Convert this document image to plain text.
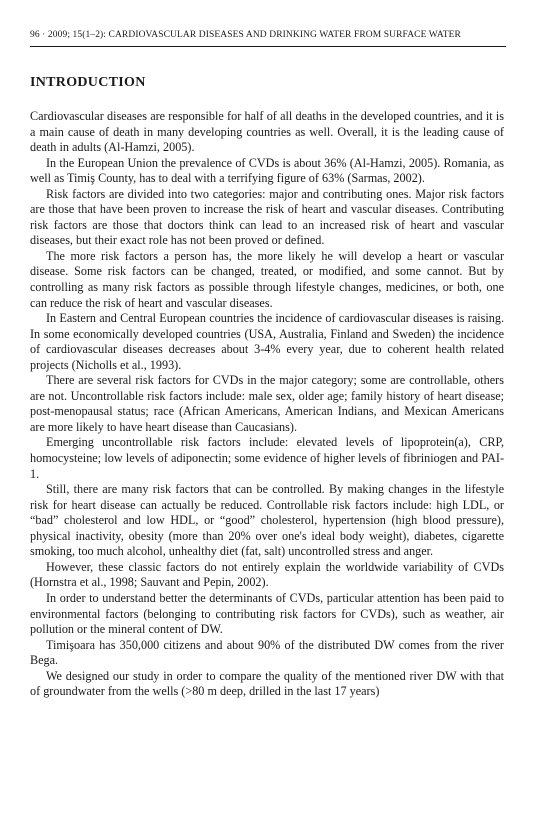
96 · 2009; 15(1–2): CARDIOVASCULAR DISEASES AND DRINKING WATER FROM SURFACE WATER
INTRODUCTION

Cardiovascular diseases are responsible for half of all deaths in the developed countries, and it is a main cause of death in many developing countries as well. Overall, it is the leading cause of death in adults (Al-Hamzi, 2005).

In the European Union the prevalence of CVDs is about 36% (Al-Hamzi, 2005). Romania, as well as Timiş County, has to deal with a terrifying figure of 63% (Sarmas, 2002).

Risk factors are divided into two categories: major and contributing ones. Major risk factors are those that have been proven to increase the risk of heart and vascular diseases. Contributing risk factors are those that doctors think can lead to an increased risk of heart and vascular diseases, but their exact role has not been proved or defined.

The more risk factors a person has, the more likely he will develop a heart or vascular disease. Some risk factors can be changed, treated, or modified, and some cannot. But by controlling as many risk factors as possible through lifestyle changes, medicines, or both, one can reduce the risk of heart and vascular diseases.

In Eastern and Central European countries the incidence of cardiovascular diseases is raising. In some economically developed countries (USA, Australia, Finland and Sweden) the incidence of cardiovascular diseases decreases about 3-4% every year, due to coherent health related projects (Nicholls et al., 1993).

There are several risk factors for CVDs in the major category; some are controllable, others are not. Uncontrollable risk factors include: male sex, older age; family history of heart disease; post-menopausal status; race (African Americans, American Indians, and Mexican Americans are more likely to have heart disease than Caucasians).

Emerging uncontrollable risk factors include: elevated levels of lipoprotein(a), CRP, homocysteine; low levels of adiponectin; some evidence of higher levels of fibriniogen and PAI-1.

Still, there are many risk factors that can be controlled. By making changes in the lifestyle risk for heart disease can actually be reduced. Controllable risk factors include: high LDL, or “bad” cholesterol and low HDL, or “good” cholesterol, hypertension (high blood pressure), physical inactivity, obesity (more than 20% over one's ideal body weight), diabetes, cigarette smoking, too much alcohol, unhealthy diet (fat, salt) uncontrolled stress and anger.

However, these classic factors do not entirely explain the worldwide variability of CVDs (Hornstra et al., 1998; Sauvant and Pepin, 2002).

In order to understand better the determinants of CVDs, particular attention has been paid to environmental factors (belonging to contributing risk factors for CVDs), such as weather, air pollution or the mineral content of DW.

Timişoara has 350,000 citizens and about 90% of the distributed DW comes from the river Bega.

We designed our study in order to compare the quality of the mentioned river DW with that of groundwater from the wells (>80 m deep, drilled in the last 17 years)
